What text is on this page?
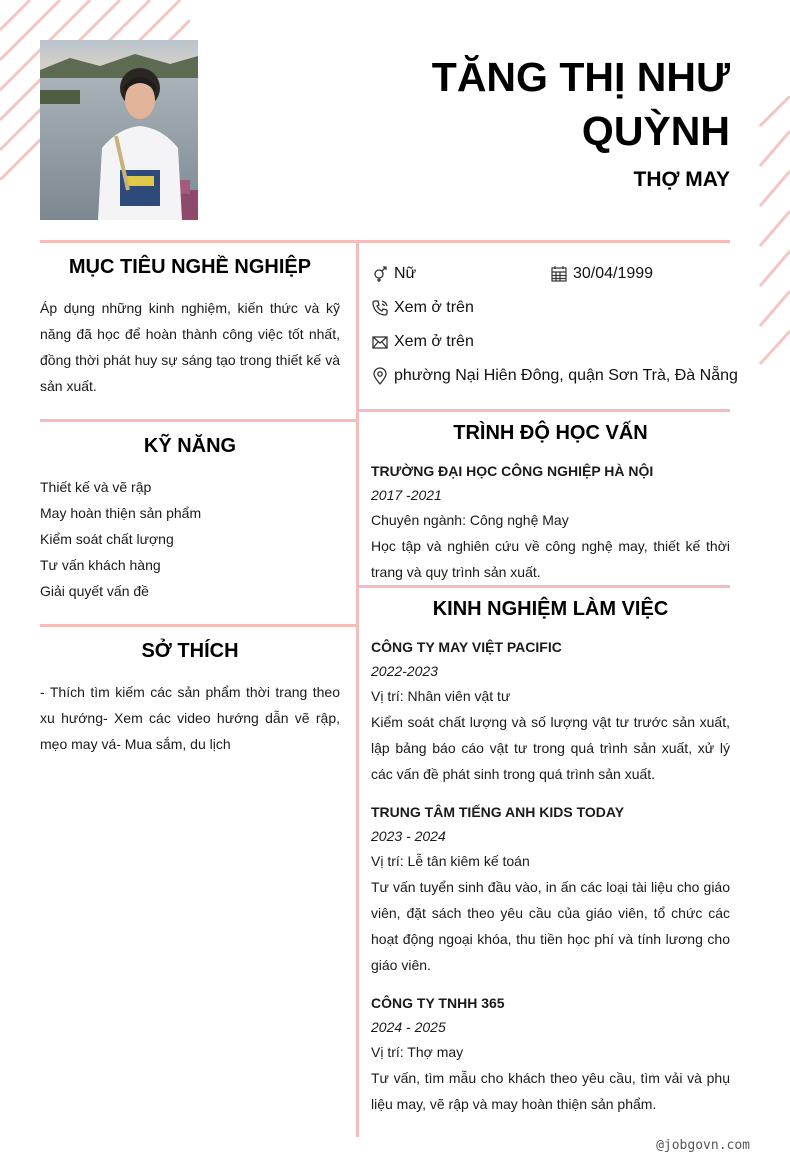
TĂNG THỊ NHƯ QUỲNH
THỢ MAY
MỤC TIÊU NGHỀ NGHIỆP

Áp dụng những kinh nghiệm, kiến thức và kỹ năng đã học để hoàn thành công việc tốt nhất, đồng thời phát huy sự sáng tạo trong thiết kế và sản xuất.

KỸ NĂNG
Thiết kế và vẽ rập
May hoàn thiện sản phẩm
Kiểm soát chất lượng
Tư vấn khách hàng
Giải quyết vấn đề
SỞ THÍCH

- Thích tìm kiếm các sản phẩm thời trang theo xu hướng- Xem các video hướng dẫn vẽ rập, mẹo may vá- Mua sắm, du lịch

Nữ	30/04/1999
Xem ở trên
Xem ở trên
phường Nại Hiên Đông, quận Sơn Trà, Đà Nẵng
TRÌNH ĐỘ HỌC VẤN
TRƯỜNG ĐẠI HỌC CÔNG NGHIỆP HÀ NỘI
2017 -2021
Chuyên ngành: Công nghệ May
Học tập và nghiên cứu về công nghệ may, thiết kế thời trang và quy trình sản xuất.
KINH NGHIỆM LÀM VIỆC
CÔNG TY MAY VIỆT PACIFIC
2022-2023
Vị trí: Nhân viên vật tư
Kiểm soát chất lượng và số lượng vật tư trước sản xuất, lập bảng báo cáo vật tư trong quá trình sản xuất, xử lý các vấn đề phát sinh trong quá trình sản xuất.
TRUNG TÂM TIẾNG ANH KIDS TODAY
2023 - 2024
Vị trí: Lễ tân kiêm kế toán
Tư vấn tuyển sinh đầu vào, in ấn các loại tài liệu cho giáo viên, đặt sách theo yêu cầu của giáo viên, tổ chức các hoạt động ngoại khóa, thu tiền học phí và tính lương cho giáo viên.
CÔNG TY TNHH 365
2024 - 2025
Vị trí: Thợ may
Tư vấn, tìm mẫu cho khách theo yêu cầu, tìm vải và phụ liệu may, vẽ rập và may hoàn thiện sản phẩm.
@jobgovn.com
